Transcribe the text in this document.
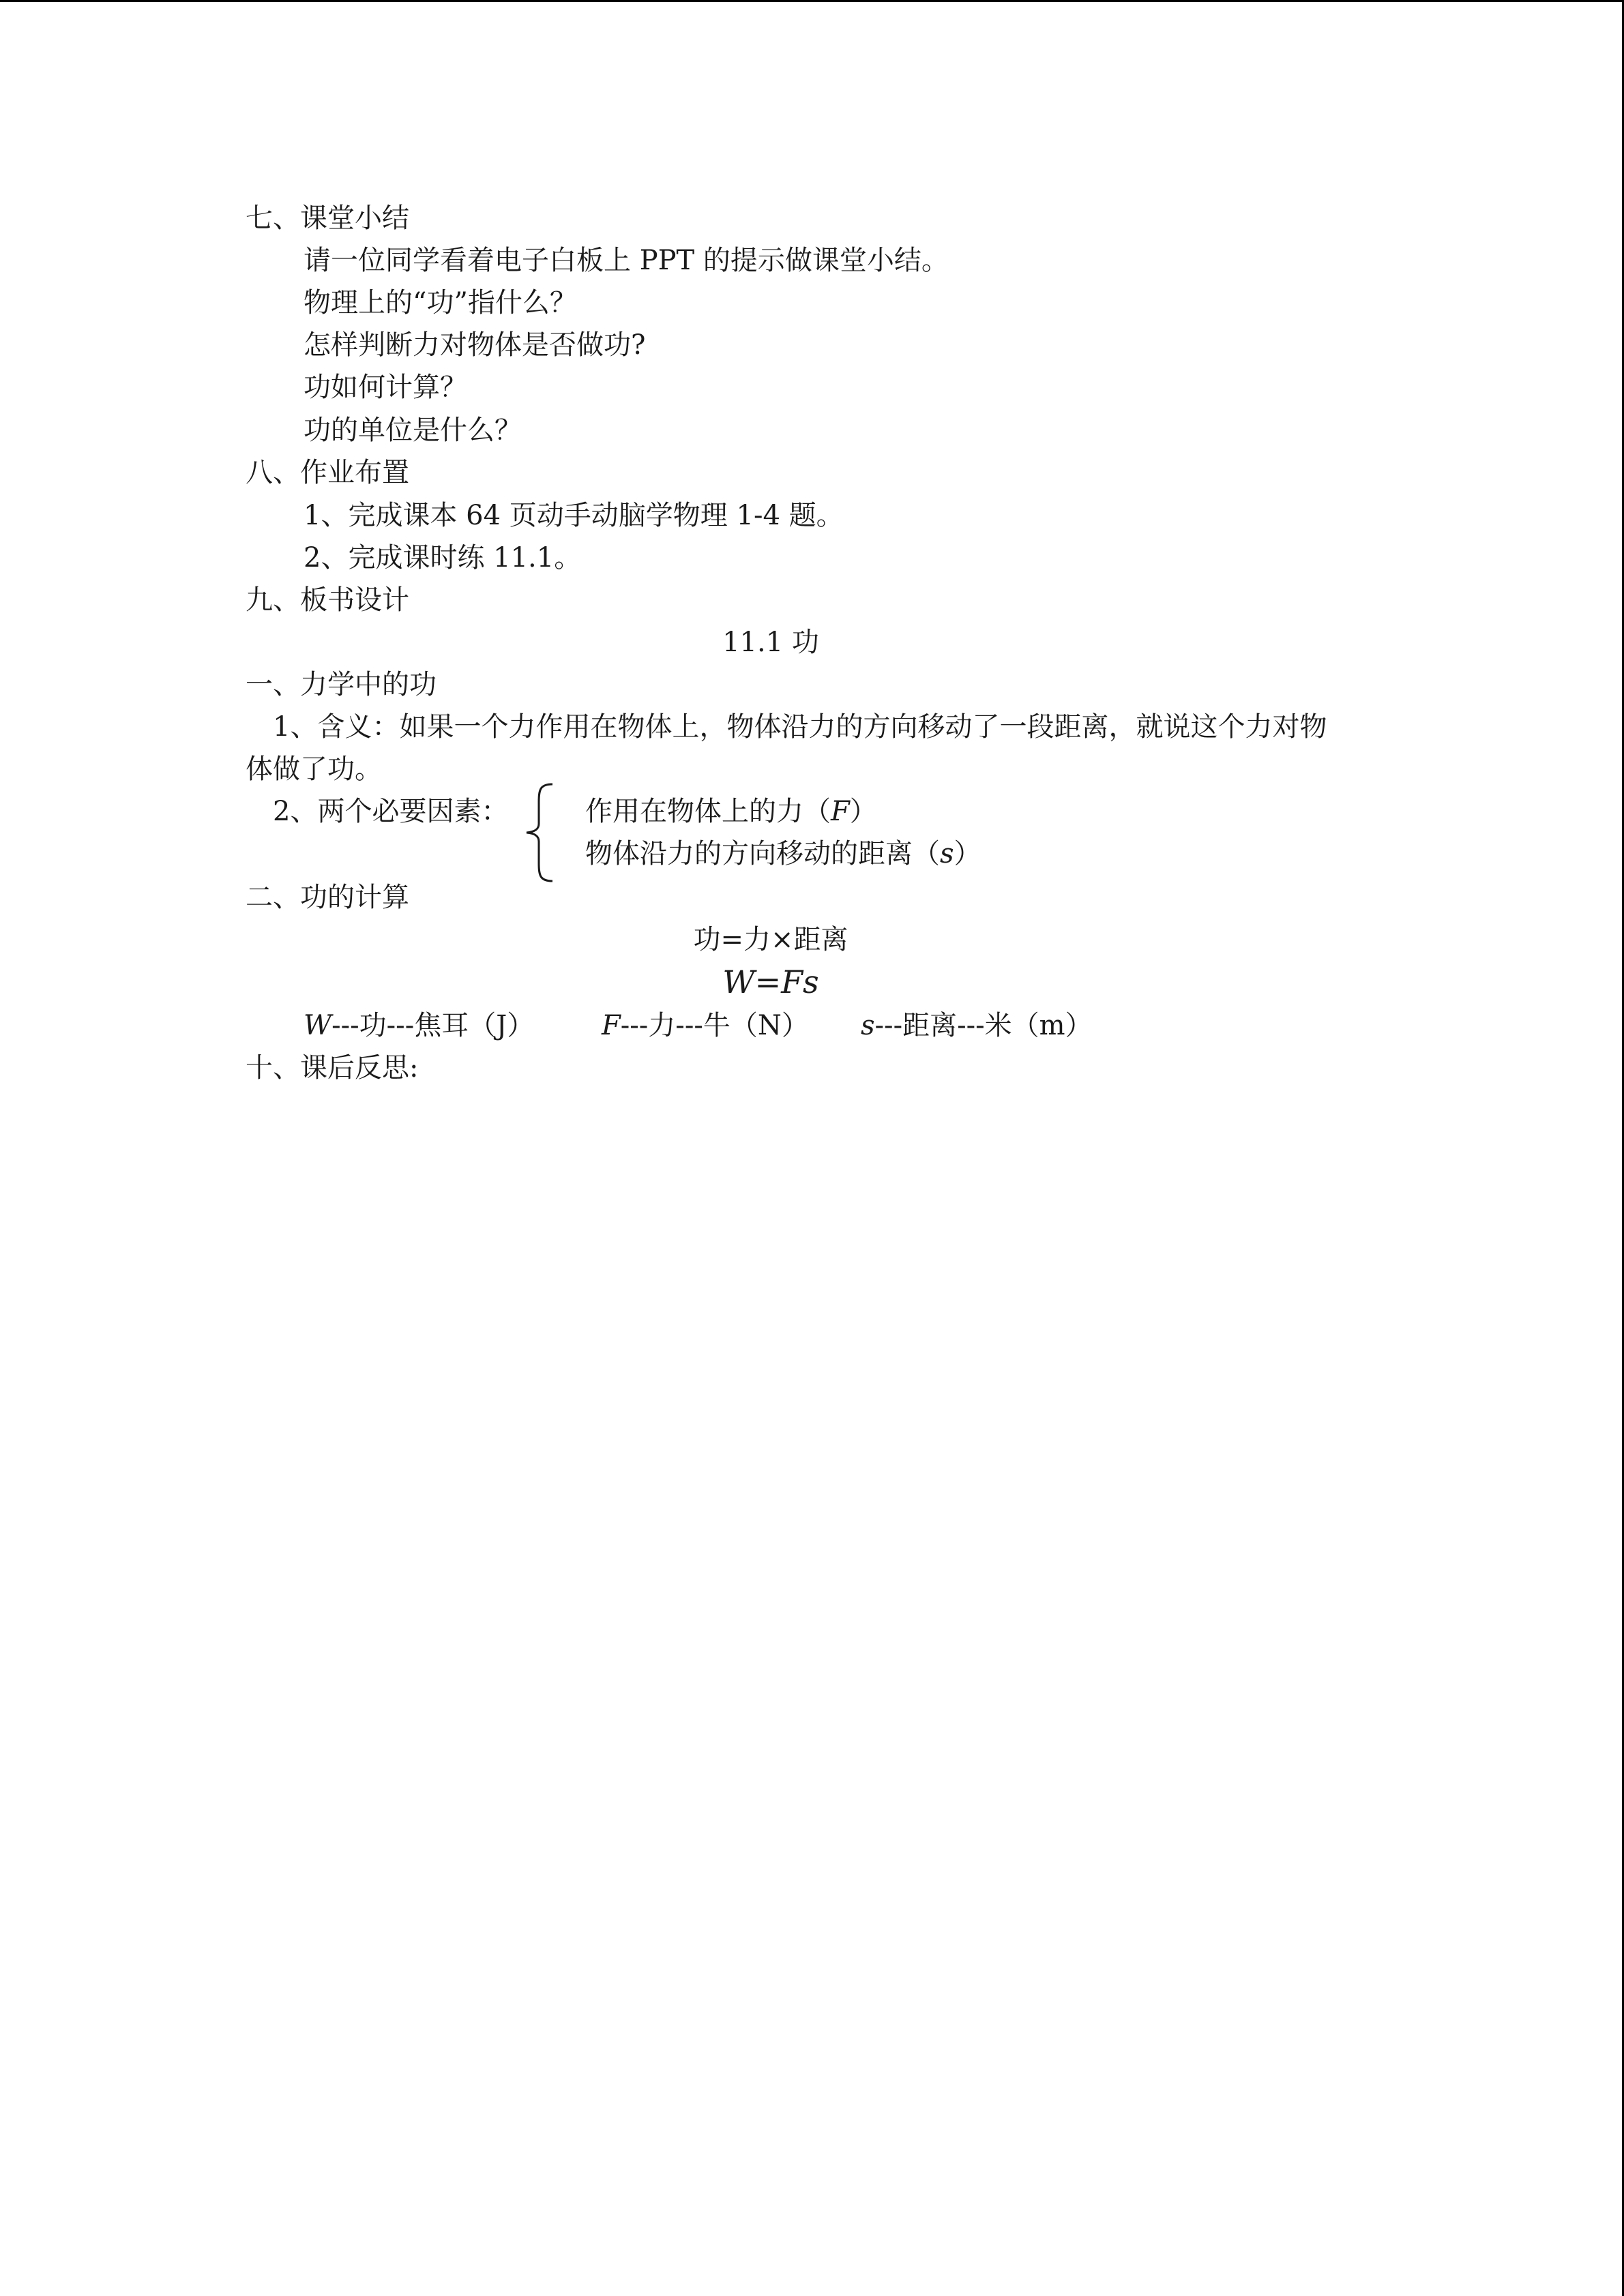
七、课堂小结
请一位同学看着电子白板上 PPT 的提示做课堂小结。
物理上的“功”指什么？
怎样判断力对物体是否做功?
功如何计算？
功的单位是什么？
八、作业布置
1、完成课本 64 页动手动脑学物理 1-4 题。
2、完成课时练 11.1。
九、板书设计
11.1 功
一、力学中的功
1、含义：如果一个力作用在物体上，物体沿力的方向移动了一段距离，就说这个力对物
体做了功。
2、两个必要因素：	作用在物体上的力（F）
物体沿力的方向移动的距离（s）
二、功的计算
功=力×距离
W=Fs
W---功---焦耳（J） F---力---牛（N） s---距离---米（m）
十、课后反思:
